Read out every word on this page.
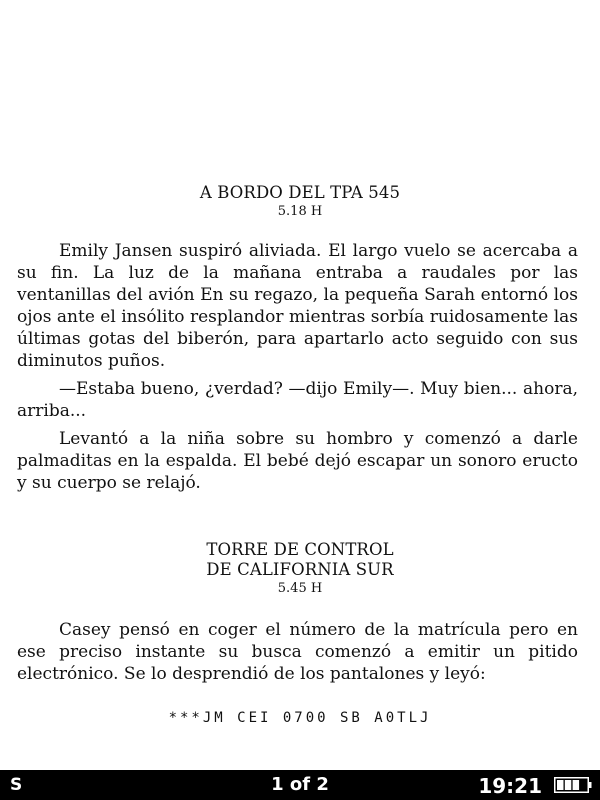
A BORDO DEL TPA 545
5.18 H

Emily Jansen suspiró aliviada. El largo vuelo se acercaba a su fin. La luz de la mañana entraba a raudales por las ventanillas del avión En su regazo, la pequeña Sarah entornó los ojos ante el insólito resplandor mientras sorbía ruidosamente las últimas gotas del biberón, para apartarlo acto seguido con sus diminutos puños.

—Estaba bueno, ¿verdad? —dijo Emily—. Muy bien... ahora, arriba...

Levantó a la niña sobre su hombro y comenzó a darle palmaditas en la espalda. El bebé dejó escapar un sonoro eructo y su cuerpo se relajó.

TORRE DE CONTROL
DE CALIFORNIA SUR
5.45 H

Casey pensó en coger el número de la matrícula pero en ese preciso instante su busca comenzó a emitir un pitido electrónico. Se lo desprendió de los pantalones y leyó:

***JM CEI 0700 SB A0TLJ
S	1 of 2	19:21
